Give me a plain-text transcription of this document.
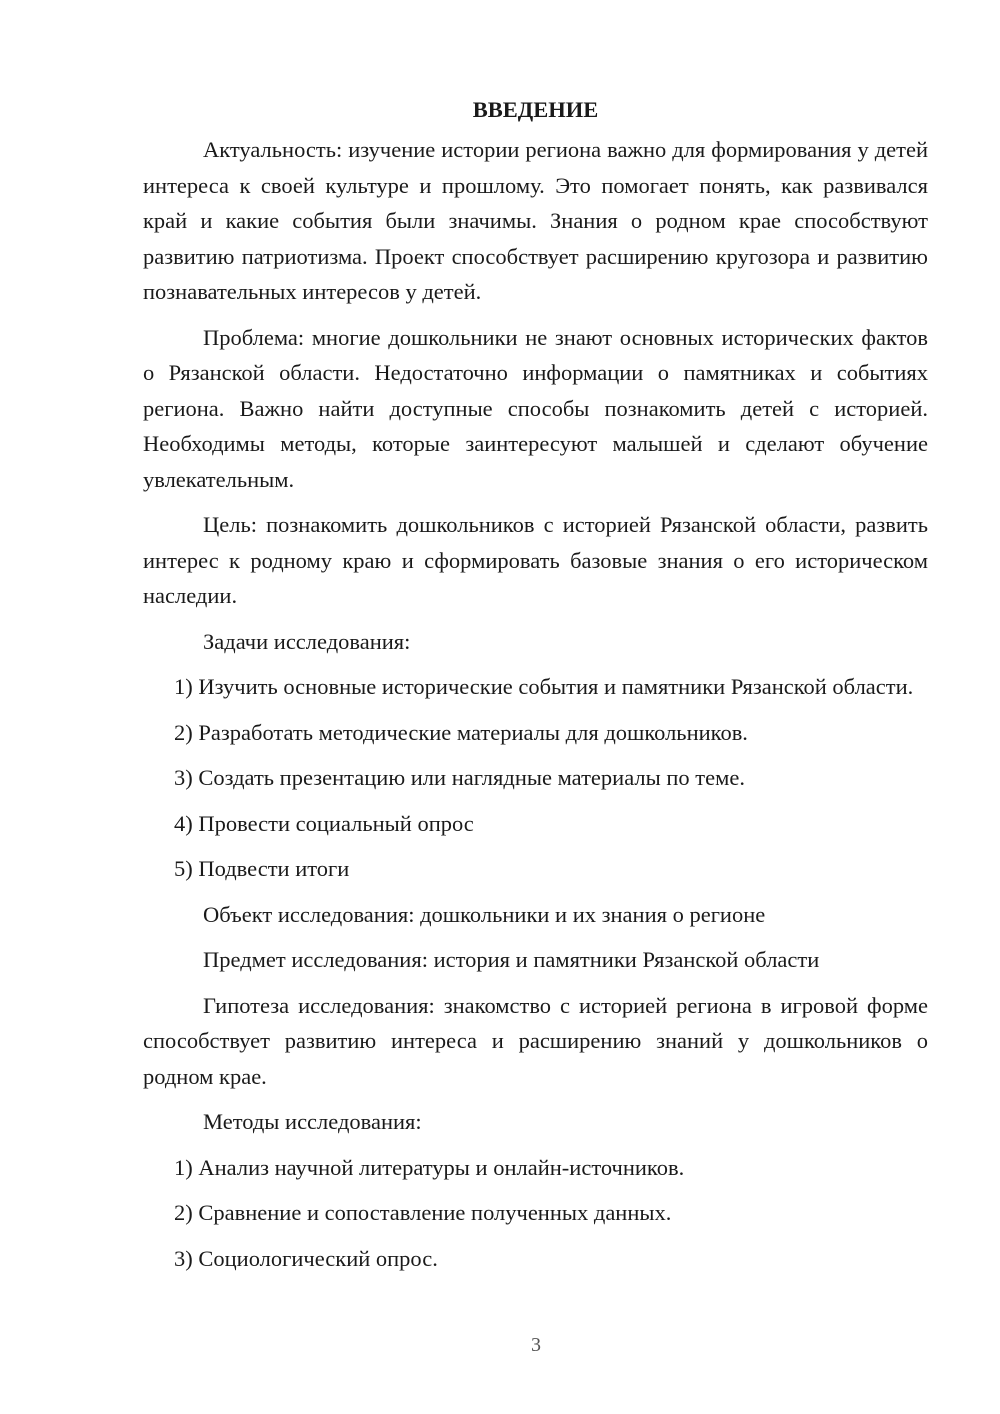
ВВЕДЕНИЕ

Актуальность: изучение истории региона важно для формирования у детей интереса к своей культуре и прошлому. Это помогает понять, как развивался край и какие события были значимы. Знания о родном крае способствуют развитию патриотизма. Проект способствует расширению кругозора и развитию познавательных интересов у детей.

Проблема: многие дошкольники не знают основных исторических фактов о Рязанской области. Недостаточно информации о памятниках и событиях региона. Важно найти доступные способы познакомить детей с историей. Необходимы методы, которые заинтересуют малышей и сделают обучение увлекательным.

Цель: познакомить дошкольников с историей Рязанской области, развить интерес к родному краю и сформировать базовые знания о его историческом наследии.

Задачи исследования:

1) Изучить основные исторические события и памятники Рязанской области.

2) Разработать методические материалы для дошкольников.

3) Создать презентацию или наглядные материалы по теме.

4) Провести социальный опрос

5) Подвести итоги

Объект исследования: дошкольники и их знания о регионе

Предмет исследования: история и памятники Рязанской области

Гипотеза исследования: знакомство с историей региона в игровой форме способствует развитию интереса и расширению знаний у дошкольников о родном крае.

Методы исследования:

1) Анализ научной литературы и онлайн-источников.

2) Сравнение и сопоставление полученных данных.

3) Социологический опрос.

3
